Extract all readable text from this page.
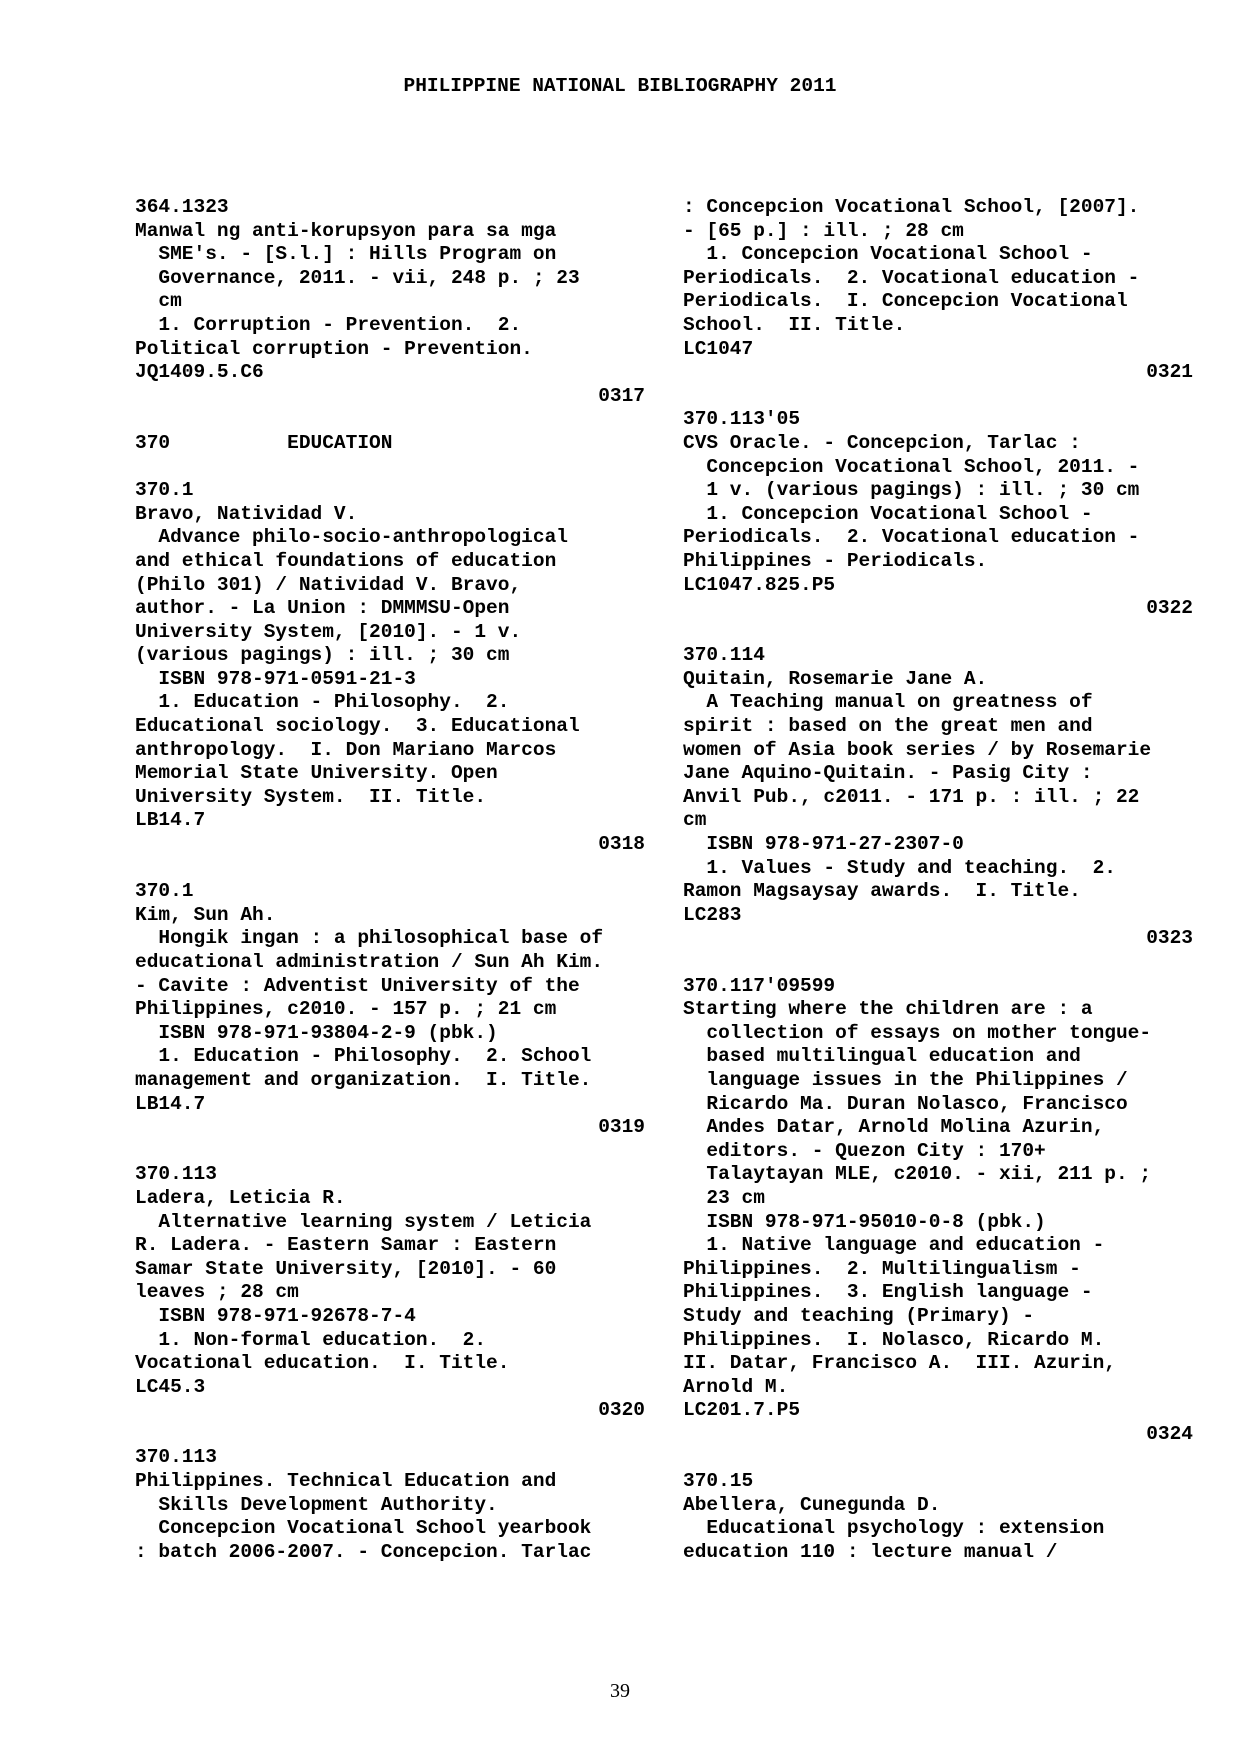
PHILIPPINE NATIONAL BIBLIOGRAPHY 2011
364.1323
Manwal ng anti-korupsyon para sa mga
SME's. - [S.l.] : Hills Program on
Governance, 2011. - vii, 248 p. ; 23
cm
1. Corruption - Prevention.  2.
Political corruption - Prevention.
JQ1409.5.C6
0317
370          EDUCATION
370.1
Bravo, Natividad V.
Advance philo-socio-anthropological
and ethical foundations of education
(Philo 301) / Natividad V. Bravo,
author. - La Union : DMMMSU-Open
University System, [2010]. - 1 v.
(various pagings) : ill. ; 30 cm
ISBN 978-971-0591-21-3
1. Education - Philosophy.  2.
Educational sociology.  3. Educational
anthropology.  I. Don Mariano Marcos
Memorial State University. Open
University System.  II. Title.
LB14.7
0318
370.1
Kim, Sun Ah.
Hongik ingan : a philosophical base of
educational administration / Sun Ah Kim.
- Cavite : Adventist University of the
Philippines, c2010. - 157 p. ; 21 cm
ISBN 978-971-93804-2-9 (pbk.)
1. Education - Philosophy.  2. School
management and organization.  I. Title.
LB14.7
0319
370.113
Ladera, Leticia R.
Alternative learning system / Leticia
R. Ladera. - Eastern Samar : Eastern
Samar State University, [2010]. - 60
leaves ; 28 cm
ISBN 978-971-92678-7-4
1. Non-formal education.  2.
Vocational education.  I. Title.
LC45.3
0320
370.113
Philippines. Technical Education and
Skills Development Authority.
Concepcion Vocational School yearbook
: batch 2006-2007. - Concepcion. Tarlac
: Concepcion Vocational School, [2007].
- [65 p.] : ill. ; 28 cm
1. Concepcion Vocational School -
Periodicals.  2. Vocational education -
Periodicals.  I. Concepcion Vocational
School.  II. Title.
LC1047
0321
370.113'05
CVS Oracle. - Concepcion, Tarlac :
Concepcion Vocational School, 2011. -
1 v. (various pagings) : ill. ; 30 cm
1. Concepcion Vocational School -
Periodicals.  2. Vocational education -
Philippines - Periodicals.
LC1047.825.P5
0322
370.114
Quitain, Rosemarie Jane A.
A Teaching manual on greatness of
spirit : based on the great men and
women of Asia book series / by Rosemarie
Jane Aquino-Quitain. - Pasig City :
Anvil Pub., c2011. - 171 p. : ill. ; 22
cm
ISBN 978-971-27-2307-0
1. Values - Study and teaching.  2.
Ramon Magsaysay awards.  I. Title.
LC283
0323
370.117'09599
Starting where the children are : a
collection of essays on mother tongue-
based multilingual education and
language issues in the Philippines /
Ricardo Ma. Duran Nolasco, Francisco
Andes Datar, Arnold Molina Azurin,
editors. - Quezon City : 170+
Talaytayan MLE, c2010. - xii, 211 p. ;
23 cm
ISBN 978-971-95010-0-8 (pbk.)
1. Native language and education -
Philippines.  2. Multilingualism -
Philippines.  3. English language -
Study and teaching (Primary) -
Philippines.  I. Nolasco, Ricardo M.
II. Datar, Francisco A.  III. Azurin,
Arnold M.
LC201.7.P5
0324
370.15
Abellera, Cunegunda D.
Educational psychology : extension
education 110 : lecture manual /
39
